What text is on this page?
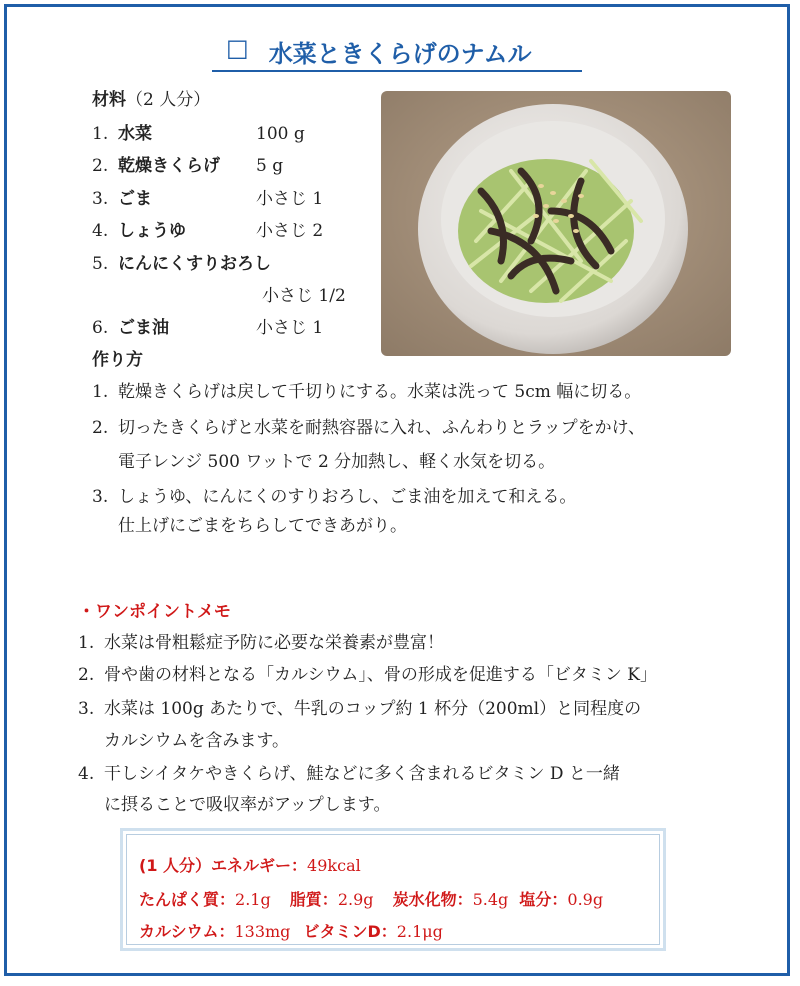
□ 水菜ときくらげのナムル
材料（2 人分）
1. 水菜	100 g
2. 乾燥きくらげ 5 g
3. ごま	小さじ 1
4. しょうゆ	小さじ 2
5. にんにくすりおろし
小さじ 1/2
6. ごま油	小さじ 1
作り方
1. 乾燥きくらげは戻して千切りにする。水菜は洗って 5cm 幅に切る。
2. 切ったきくらげと水菜を耐熱容器に入れ、ふんわりとラップをかけ、
電子レンジ 500 ワットで 2 分加熱し、軽く水気を切る。
3. しょうゆ、にんにくのすりおろし、ごま油を加えて和える。
仕上げにごまをちらしてできあがり。
・ワンポイントメモ
1. 水菜は骨粗鬆症予防に必要な栄養素が豊富！
2. 骨や歯の材料となる「カルシウム」、骨の形成を促進する「ビタミン K」
3. 水菜は 100g あたりで、牛乳のコップ約 1 杯分（200ml）と同程度の
カルシウムを含みます。
4. 干しシイタケやきくらげ、鮭などに多く含まれるビタミン D と一緒
に摂ることで吸収率がアップします。
(1 人分）エネルギー：49kcal
たんぱく質：2.1g 脂質：2.9g 炭水化物：5.4g 塩分：0.9g
カルシウム：133mg ビタミンD：2.1μg
